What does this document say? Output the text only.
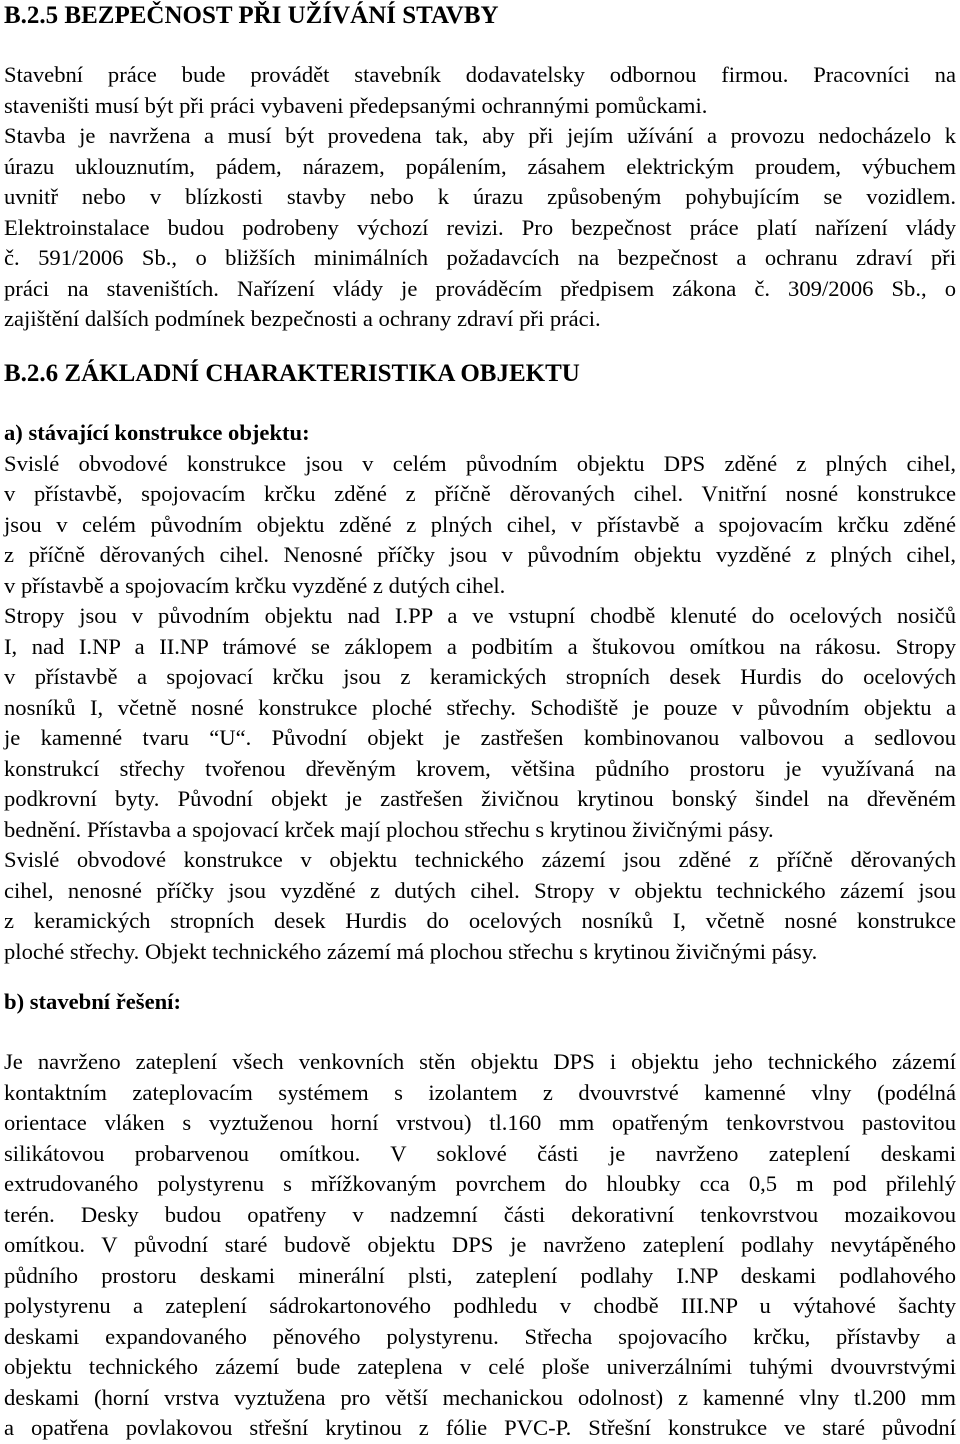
B.2.5 BEZPEČNOST PŘI UŽÍVÁNÍ STAVBY
Stavební práce bude provádět stavebník dodavatelsky odbornou firmou. Pracovníci na
staveništi musí být při práci vybaveni předepsanými ochrannými pomůckami.
Stavba je navržena a musí být provedena tak, aby při jejím užívání a provozu nedocházelo k
úrazu uklouznutím, pádem, nárazem, popálením, zásahem elektrickým proudem, výbuchem
uvnitř nebo v blízkosti stavby nebo k úrazu způsobeným pohybujícím se vozidlem.
Elektroinstalace budou podrobeny výchozí revizi. Pro bezpečnost práce platí nařízení vlády
č. 591/2006 Sb., o bližších minimálních požadavcích na bezpečnost a ochranu zdraví při
práci na staveništích. Nařízení vlády je prováděcím předpisem zákona č. 309/2006 Sb., o
zajištění dalších podmínek bezpečnosti a ochrany zdraví při práci.
B.2.6 ZÁKLADNÍ CHARAKTERISTIKA OBJEKTU
a) stávající konstrukce objektu:
Svislé obvodové konstrukce jsou v celém původním objektu DPS zděné z plných cihel,
v přístavbě, spojovacím krčku zděné z příčně děrovaných cihel. Vnitřní nosné konstrukce
jsou v celém původním objektu zděné z plných cihel, v přístavbě a spojovacím krčku zděné
z příčně děrovaných cihel. Nenosné příčky jsou v původním objektu vyzděné z plných cihel,
v přístavbě a spojovacím krčku vyzděné z dutých cihel.
Stropy jsou v původním objektu nad I.PP a ve vstupní chodbě klenuté do ocelových nosičů
I, nad I.NP a II.NP trámové se záklopem a podbitím a štukovou omítkou na rákosu. Stropy
v přístavbě a spojovací krčku jsou z keramických stropních desek Hurdis do ocelových
nosníků I, včetně nosné konstrukce ploché střechy. Schodiště je pouze v původním objektu a
je kamenné tvaru “U“. Původní objekt je zastřešen kombinovanou valbovou a sedlovou
konstrukcí střechy tvořenou dřevěným krovem, většina půdního prostoru je využívaná na
podkrovní byty. Původní objekt je zastřešen živičnou krytinou bonský šindel na dřevěném
bednění. Přístavba a spojovací krček mají plochou střechu s krytinou živičnými pásy.
Svislé obvodové konstrukce v objektu technického zázemí jsou zděné z příčně děrovaných
cihel, nenosné příčky jsou vyzděné z dutých cihel. Stropy v objektu technického zázemí jsou
z keramických stropních desek Hurdis do ocelových nosníků I, včetně nosné konstrukce
ploché střechy. Objekt technického zázemí má plochou střechu s krytinou živičnými pásy.
b) stavební řešení:
Je navrženo zateplení všech venkovních stěn objektu DPS i objektu jeho technického zázemí
kontaktním zateplovacím systémem s izolantem z dvouvrstvé kamenné vlny (podélná
orientace vláken s vyztuženou horní vrstvou) tl.160 mm opatřeným tenkovrstvou pastovitou
silikátovou probarvenou omítkou. V soklové části je navrženo zateplení deskami
extrudovaného polystyrenu s mřížkovaným povrchem do hloubky cca 0,5 m pod přilehlý
terén. Desky budou opatřeny v nadzemní části dekorativní tenkovrstvou mozaikovou
omítkou. V původní staré budově objektu DPS je navrženo zateplení podlahy nevytápěného
půdního prostoru deskami minerální plsti, zateplení podlahy I.NP deskami podlahového
polystyrenu a zateplení sádrokartonového podhledu v chodbě III.NP u výtahové šachty
deskami expandovaného pěnového polystyrenu. Střecha spojovacího krčku, přístavby a
objektu technického zázemí bude zateplena v celé ploše univerzálními tuhými dvouvrstvými
deskami (horní vrstva vyztužena pro větší mechanickou odolnost) z kamenné vlny tl.200 mm
a opatřena povlakovou střešní krytinou z fólie PVC-P. Střešní konstrukce ve staré původní
